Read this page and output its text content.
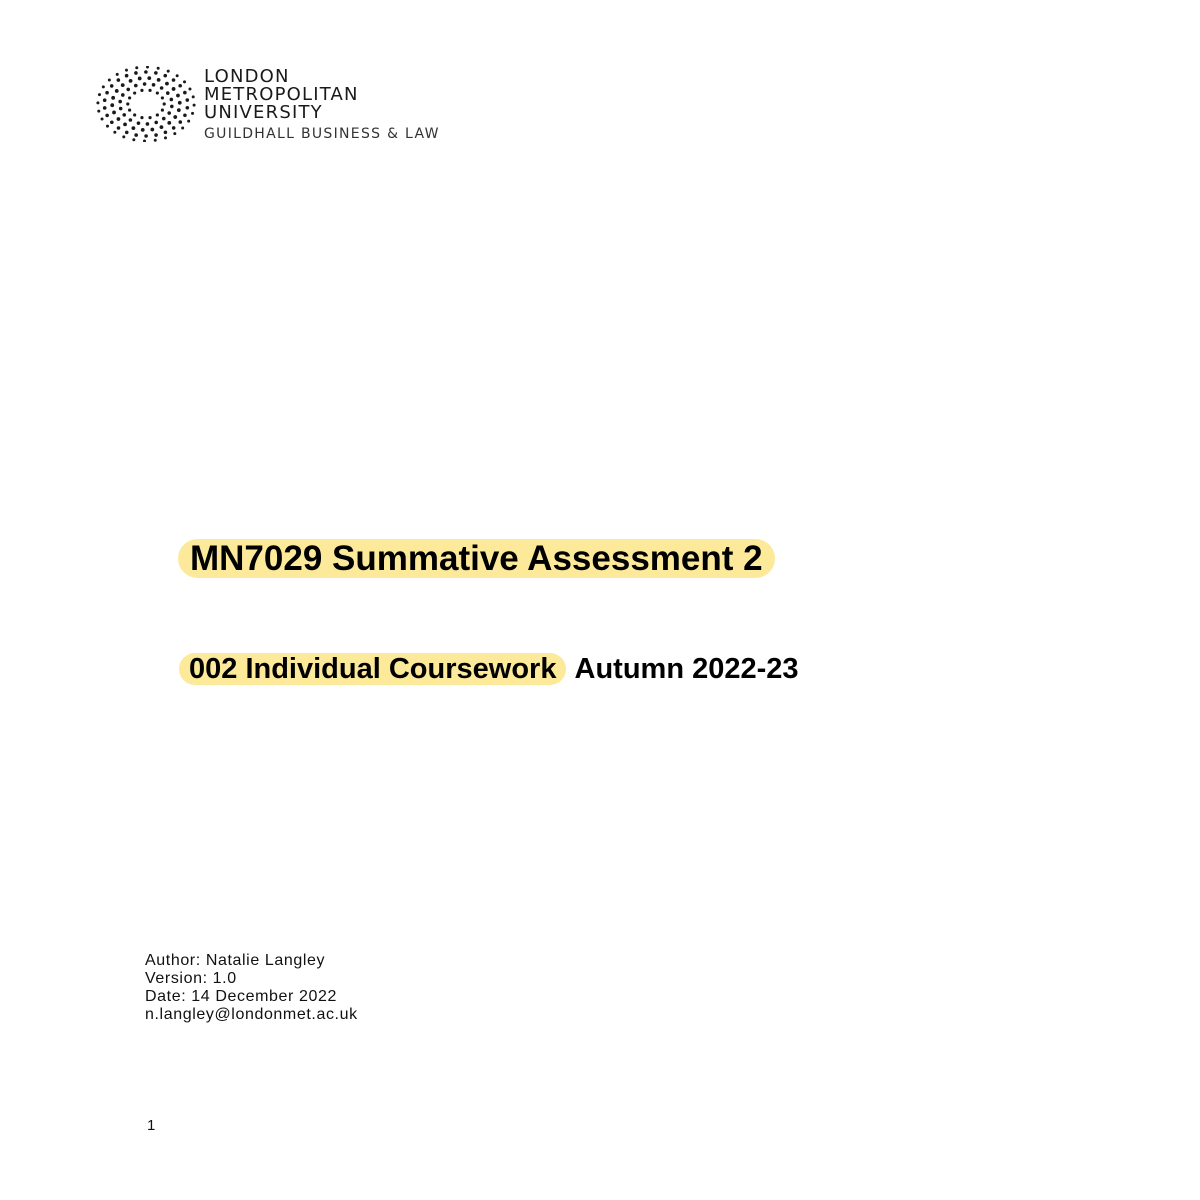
LONDON
METROPOLITAN
UNIVERSITY
GUILDHALL BUSINESS & LAW
MN7029 Summative Assessment 2
002 Individual Coursework Autumn 2022-23
Author: Natalie Langley
Version: 1.0
Date: 14 December 2022
n.langley@londonmet.ac.uk
1
